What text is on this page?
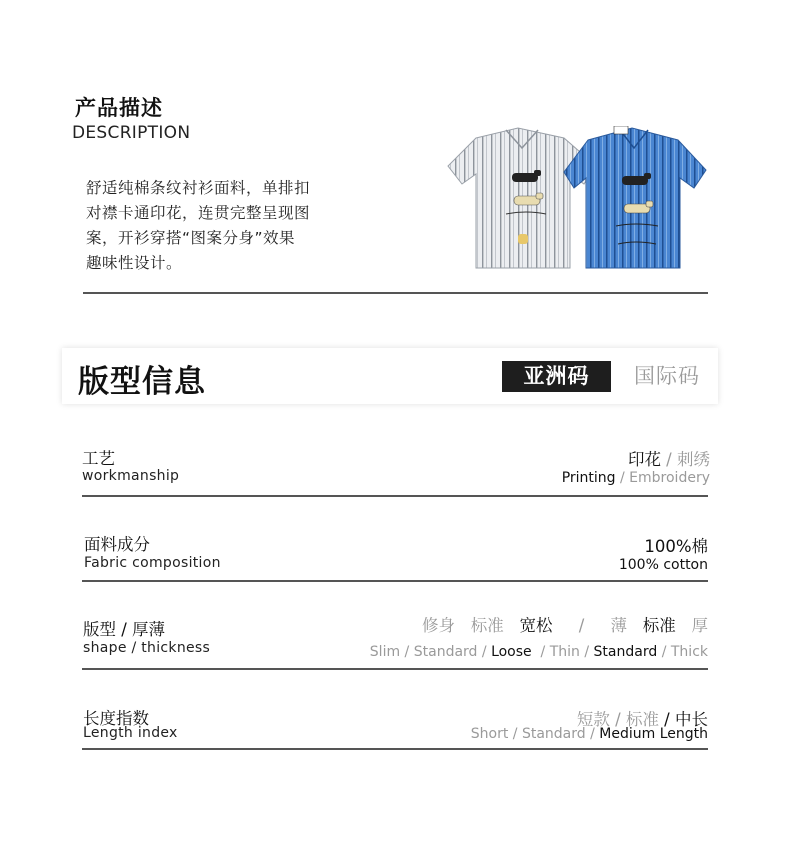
产品描述
DESCRIPTION
舒适纯棉条纹衬衫面料，单排扣
对襟卡通印花，连贯完整呈现图
案，开衫穿搭“图案分身”效果
趣味性设计。
版型信息	亚洲码	国际码
工艺
workmanship
印花 / 刺绣
Printing / Embroidery
面料成分
Fabric composition
100%棉
100% cotton
版型 / 厚薄
shape / thickness
修身 标准 宽松 / 薄 标准 厚
Slim / Standard / Loose  / Thin / Standard / Thick
长度指数
Length index
短款 / 标准 / 中长
Short / Standard / Medium Length
